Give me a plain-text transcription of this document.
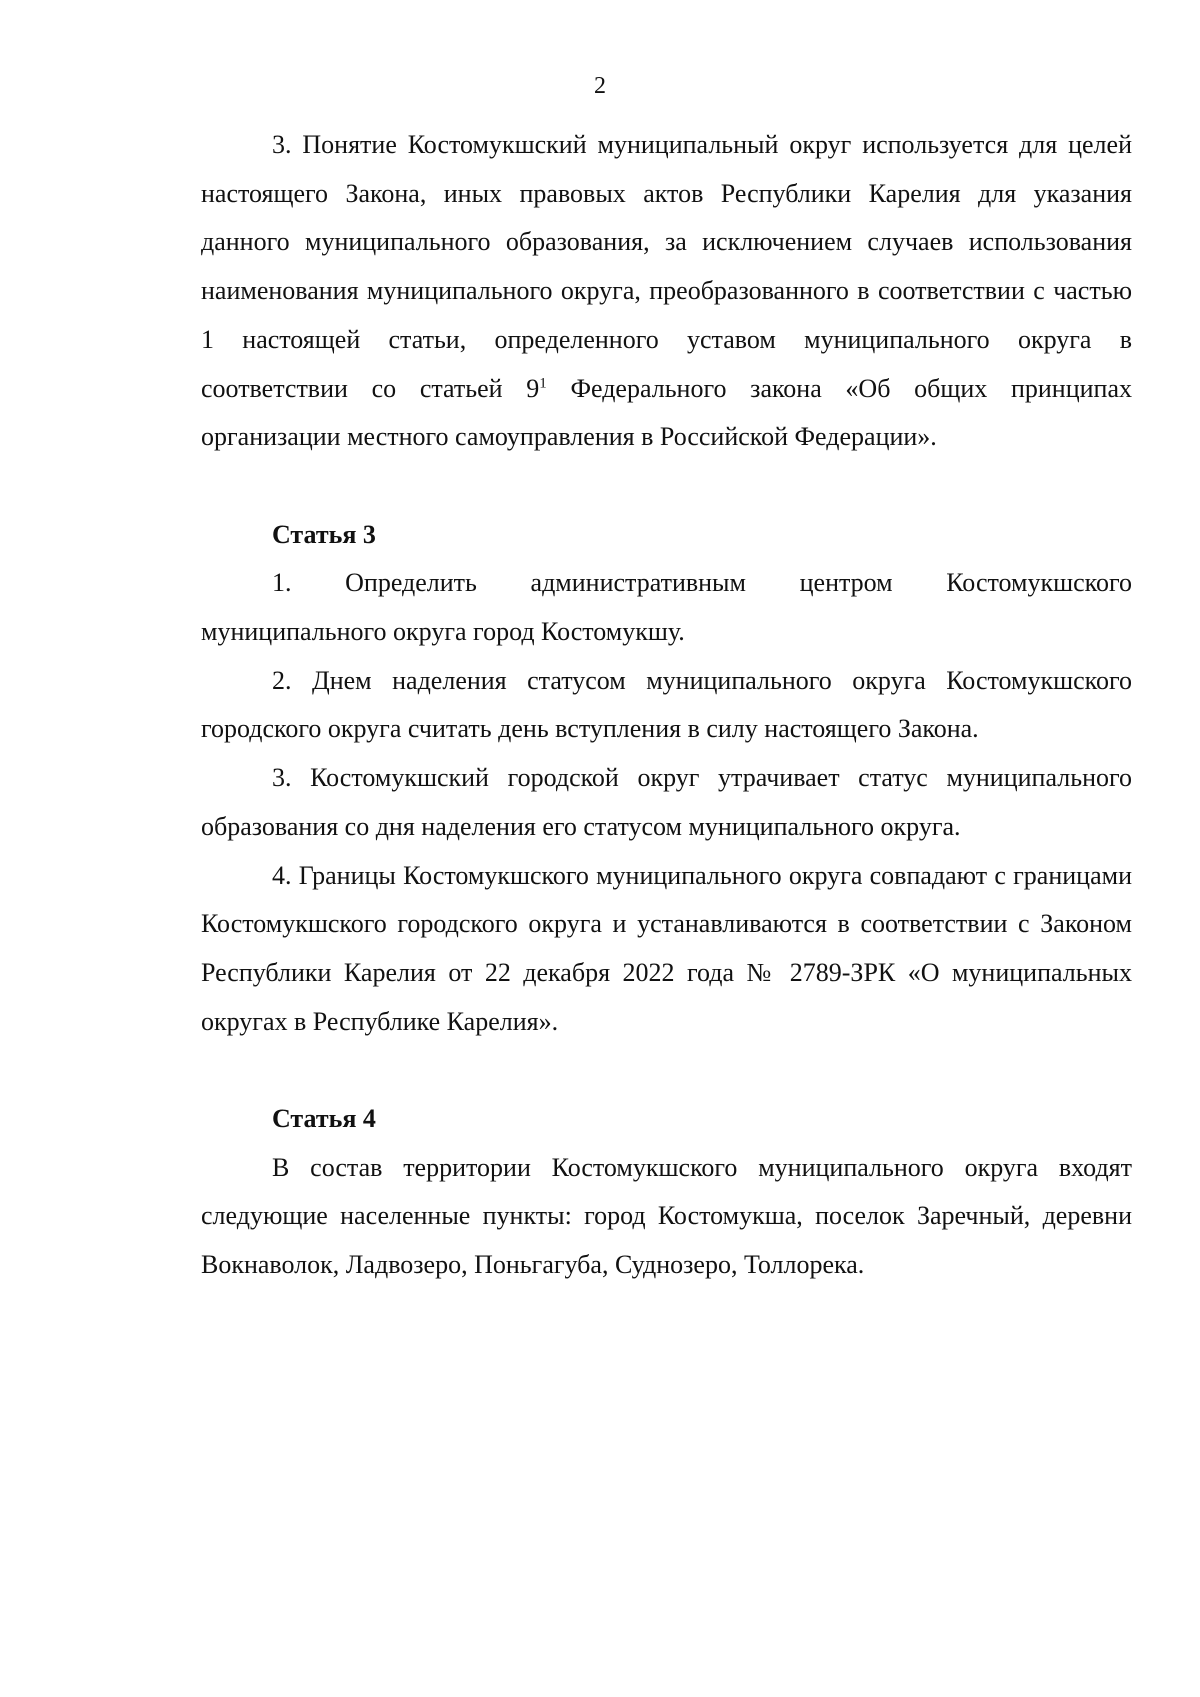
2

3. Понятие Костомукшский муниципальный округ используется для целей настоящего Закона, иных правовых актов Республики Карелия для указания данного муниципального образования, за исключением случаев использования наименования муниципального округа, преобразованного в соответствии с частью 1 настоящей статьи, определенного уставом муниципального округа в соответствии со статьей $9^1$ Федерального закона «Об общих принципах организации местного самоуправления в Российской Федерации».

Статья 3

1. Определить административным центром Костомукшского муниципального округа город Костомукшу.

2. Днем наделения статусом муниципального округа Костомукшского городского округа считать день вступления в силу настоящего Закона.

3. Костомукшский городской округ утрачивает статус муниципального образования со дня наделения его статусом муниципального округа.

4. Границы Костомукшского муниципального округа совпадают с границами Костомукшского городского округа и устанавливаются в соответствии с Законом Республики Карелия от 22 декабря 2022 года № 2789-ЗРК «О муниципальных округах в Республике Карелия».

Статья 4

В состав территории Костомукшского муниципального округа входят следующие населенные пункты: город Костомукша, поселок Заречный, деревни Вокнаволок, Ладвозеро, Поньгагуба, Суднозеро, Толлорека.
